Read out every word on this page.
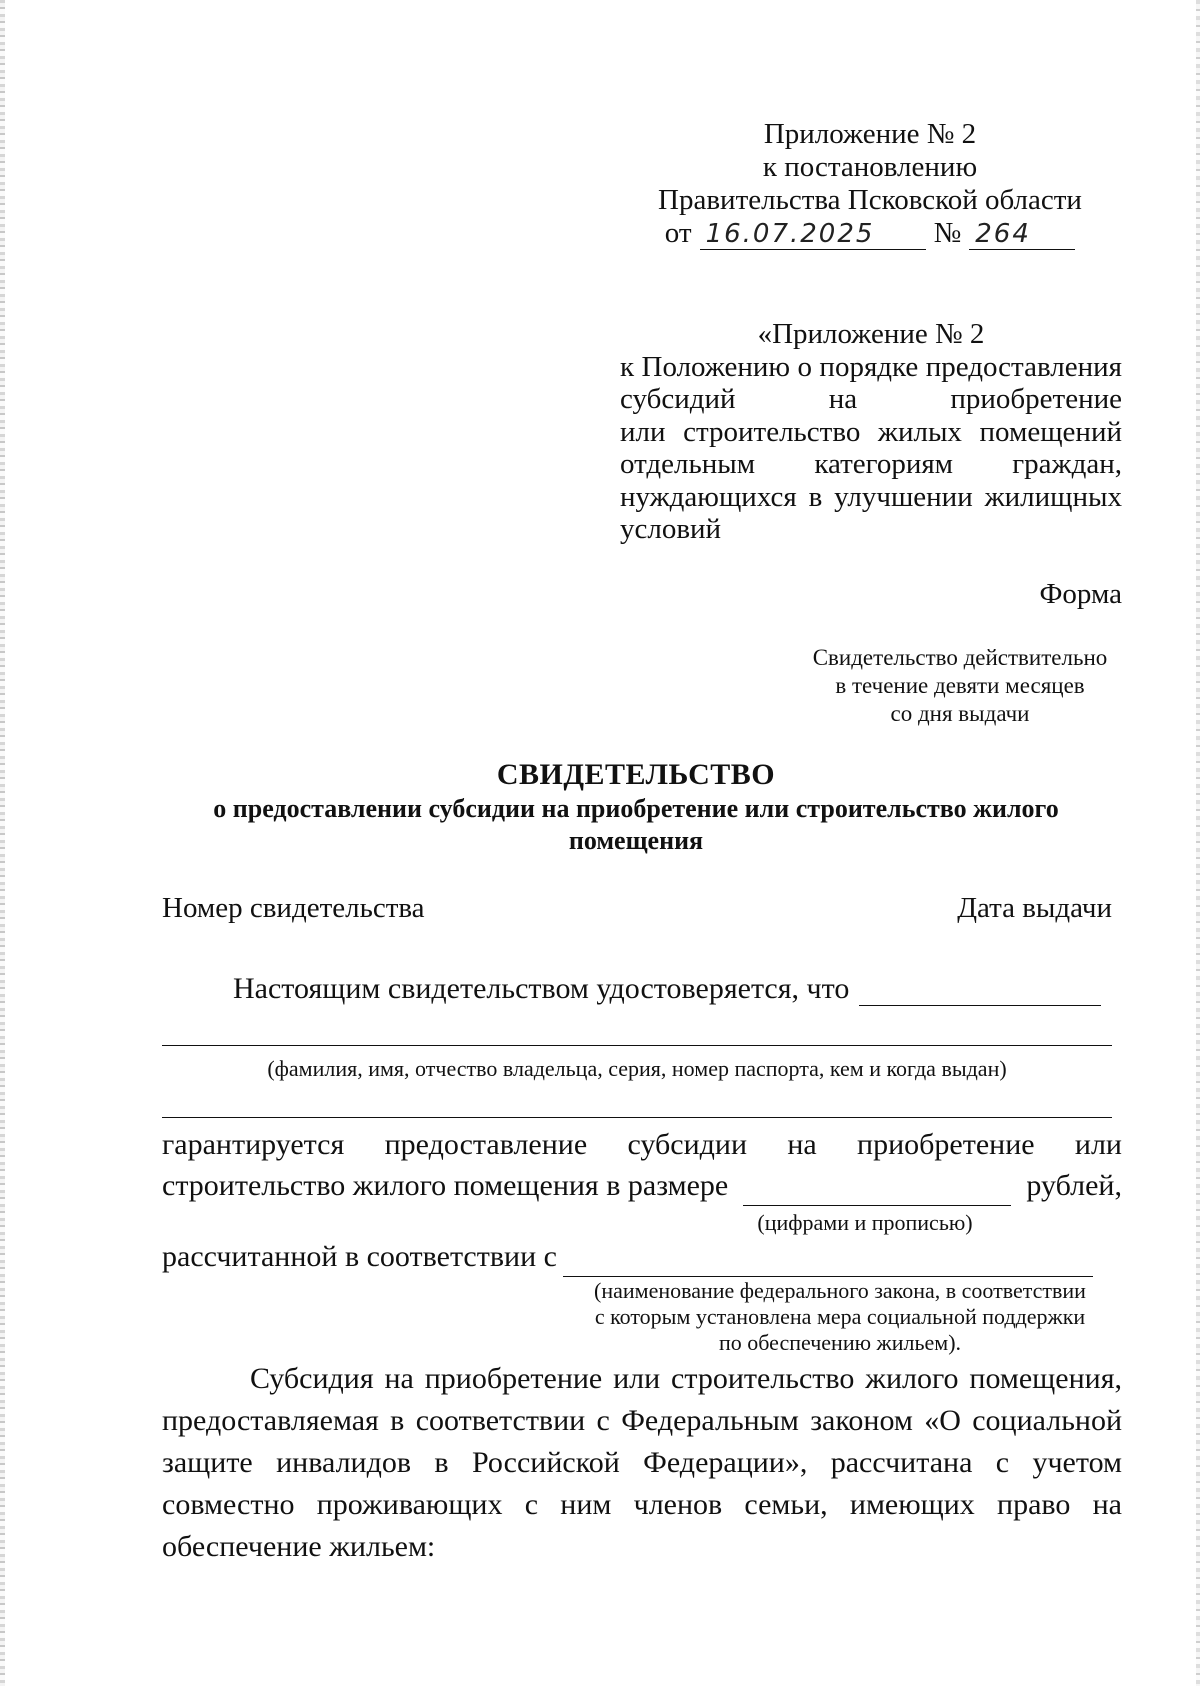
Приложение № 2
к постановлению
Правительства Псковской области
от 16.07.2025	№ 264
«Приложение № 2
к Положению о порядке предоставления
субсидий на приобретение
или строительство жилых помещений
отдельным категориям граждан,
нуждающихся в улучшении жилищных
условий
Форма
Свидетельство действительно
в течение девяти месяцев
со дня выдачи
СВИДЕТЕЛЬСТВО
о предоставлении субсидии на приобретение или строительство жилого
помещения
Номер свидетельства	Дата выдачи
Настоящим свидетельством удостоверяется, что
(фамилия, имя, отчество владельца, серия, номер паспорта, кем и когда выдан)
гарантируется предоставление субсидии на приобретение или
строительство жилого помещения в размере	рублей,
(цифрами и прописью)
рассчитанной в соответствии с
(наименование федерального закона, в соответствии
с которым установлена мера социальной поддержки
по обеспечению жильем).
Субсидия на приобретение или строительство жилого помещения, предоставляемая в соответствии с Федеральным законом «О социальной защите инвалидов в Российской Федерации», рассчитана с учетом совместно проживающих с ним членов семьи, имеющих право на обеспечение жильем:
